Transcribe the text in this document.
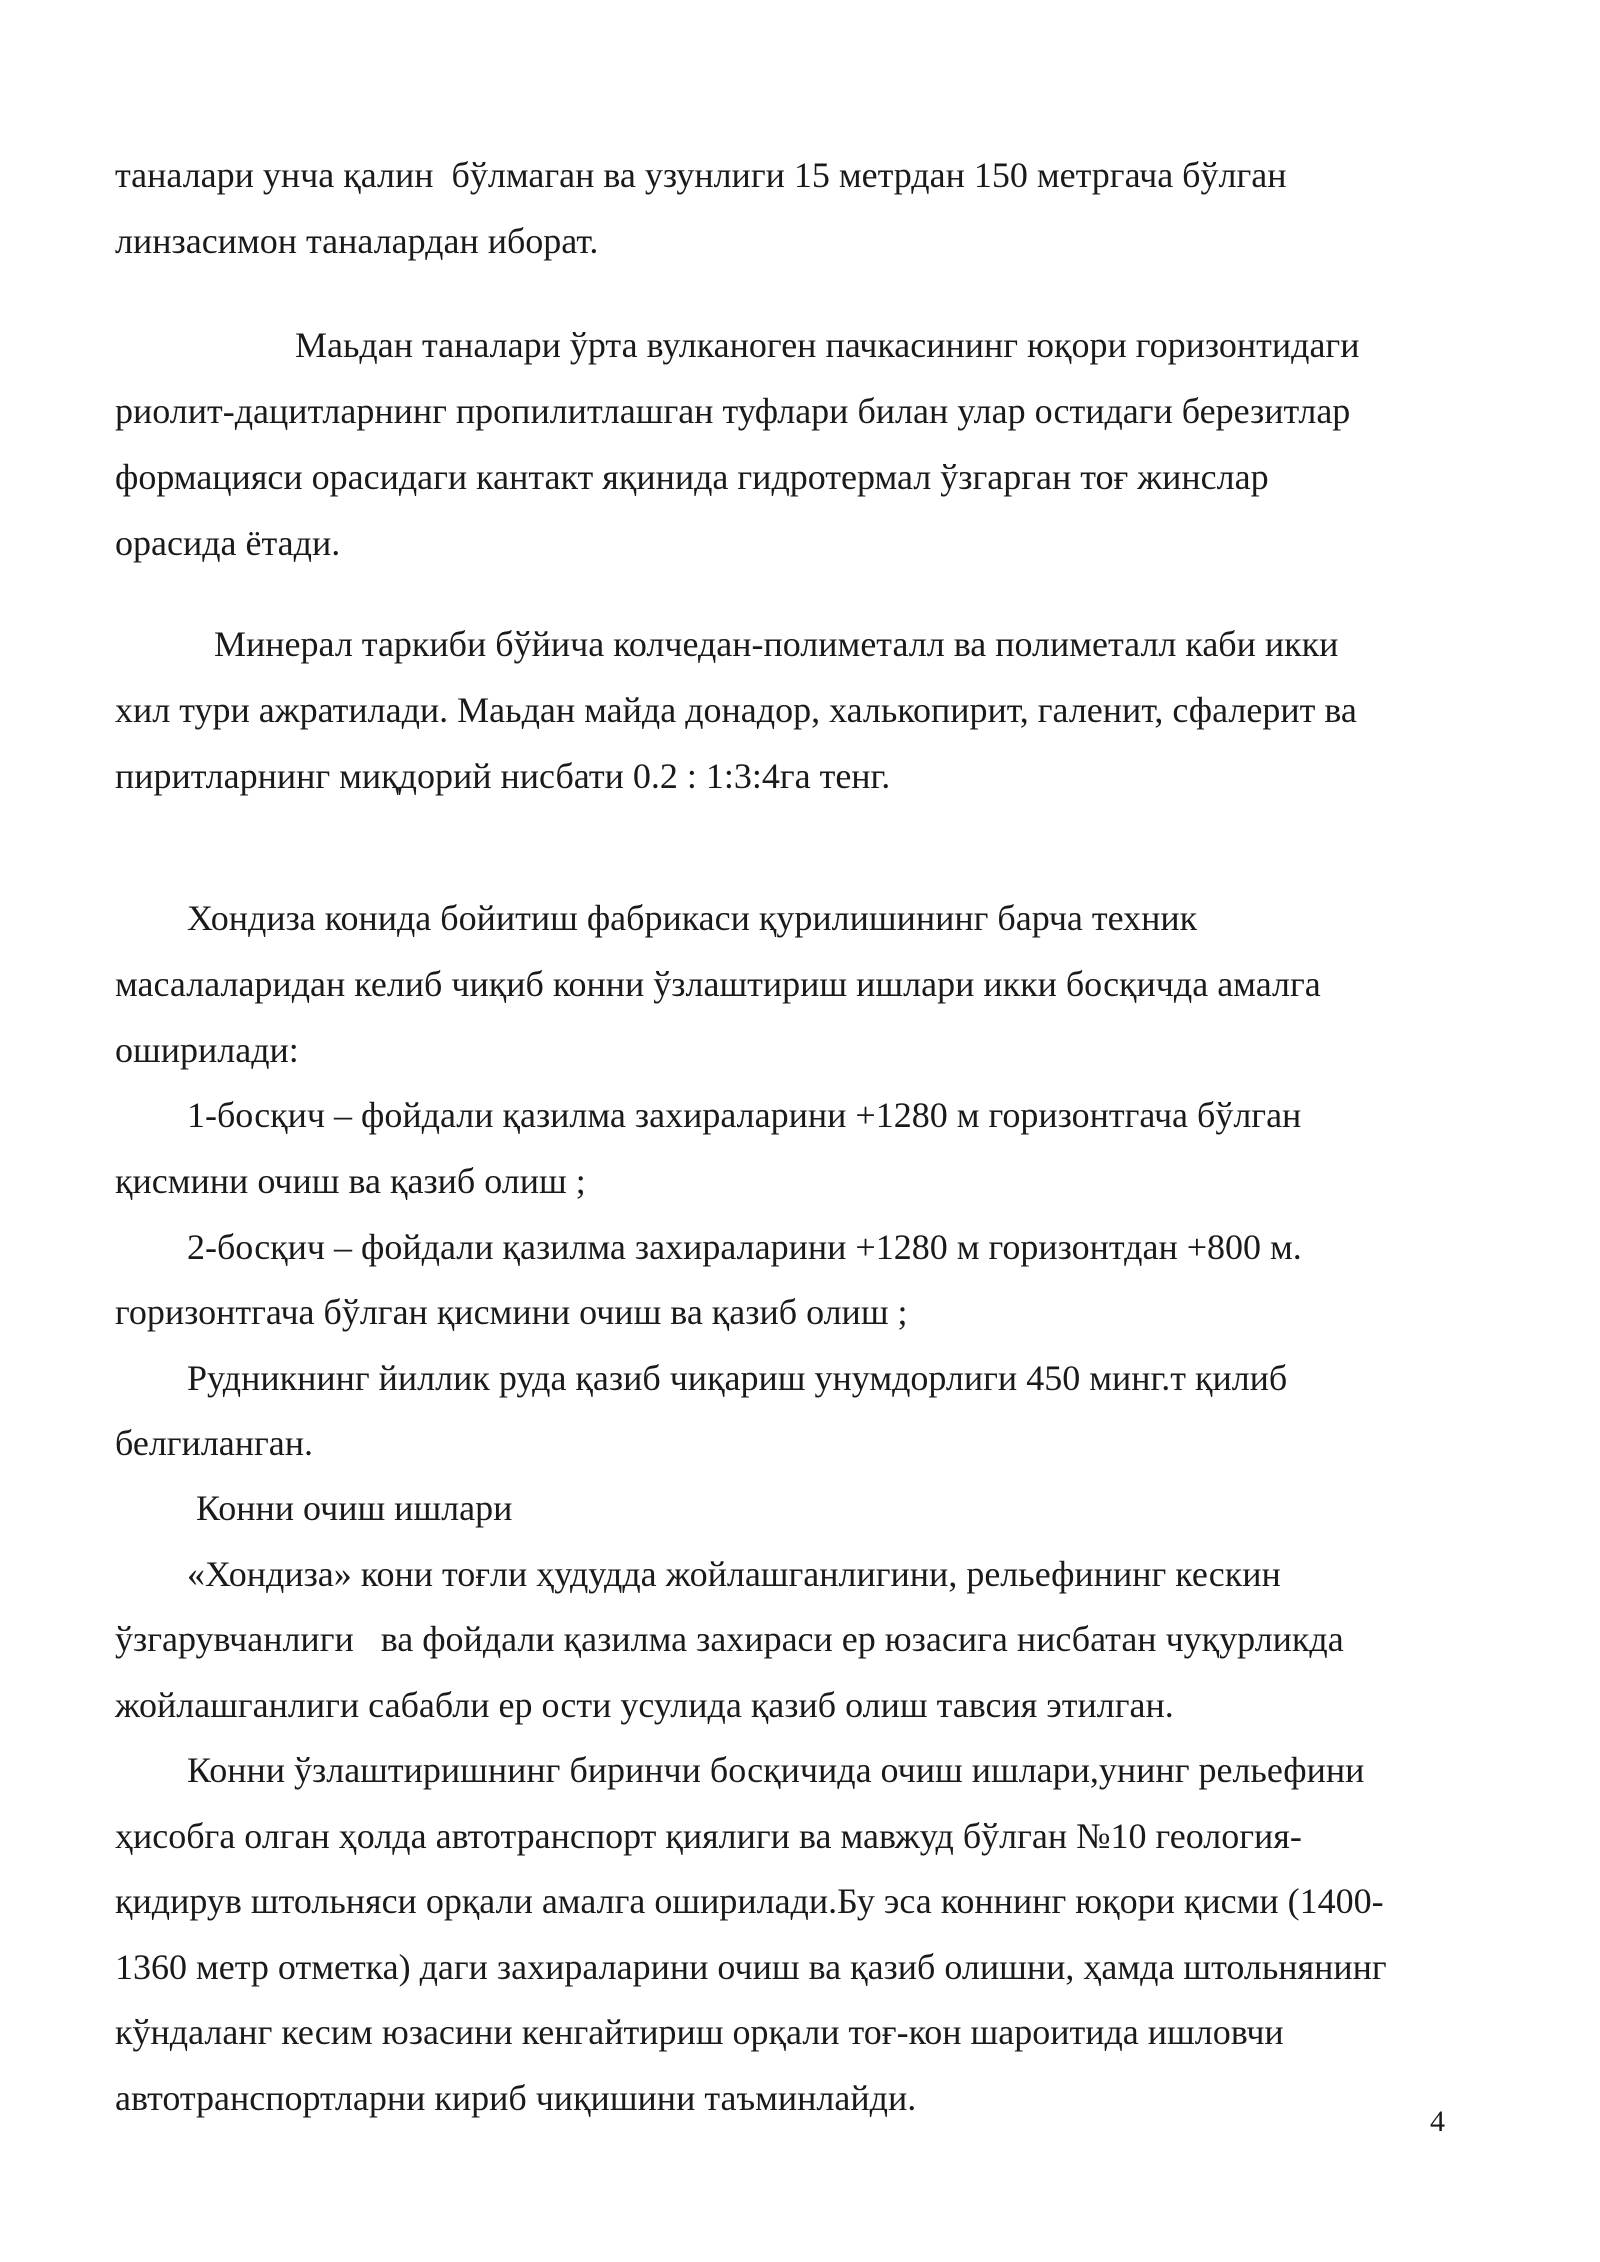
таналари унча қалин  бўлмаган ва узунлиги 15 метрдан 150 метргача бўлган
линзасимон таналардан иборат.
Маьдан таналари ўрта вулканоген пачкасининг юқори горизонтидаги
риолит-дацитларнинг пропилитлашган туфлари билан улар остидаги березитлар
формацияси орасидаги кантакт яқинида гидротермал ўзгарган тоғ жинслар
орасида ётади.
Минерал таркиби бўйича колчедан-полиметалл ва полиметалл каби икки
хил тури ажратилади. Маьдан майда донадор, халькопирит, галенит, сфалерит ва
пиритларнинг миқдорий нисбати 0.2 : 1:3:4га тенг.
Хондиза конида бойитиш фабрикаси қурилишининг барча техник
масалаларидан келиб чиқиб конни ўзлаштириш ишлари икки босқичда амалга
оширилади:
1-босқич – фойдали қазилма захираларини +1280 м горизонтгача бўлган
қисмини очиш ва қазиб олиш ;
2-босқич – фойдали қазилма захираларини +1280 м горизонтдан +800 м.
горизонтгача бўлган қисмини очиш ва қазиб олиш ;
Рудникнинг йиллик руда қазиб чиқариш унумдорлиги 450 минг.т қилиб
белгиланган.
Конни очиш ишлари
«Хондиза» кони тоғли ҳудудда жойлашганлигини, рельефининг кескин
ўзгарувчанлиги   ва фойдали қазилма захираси ер юзасига нисбатан чуқурликда
жойлашганлиги сабабли ер ости усулида қазиб олиш тавсия этилган.
Конни ўзлаштиришнинг биринчи босқичида очиш ишлари,унинг рельефини
ҳисобга олган ҳолда автотранспорт қиялиги ва мавжуд бўлган №10 геология-
қидирув штольняси орқали амалга оширилади.Бу эса коннинг юқори қисми (1400-
1360 метр отметка) даги захираларини очиш ва қазиб олишни, ҳамда штольнянинг
кўндаланг кесим юзасини кенгайтириш орқали тоғ-кон шароитида ишловчи
автотранспортларни кириб чиқишини таъминлайди.
4
